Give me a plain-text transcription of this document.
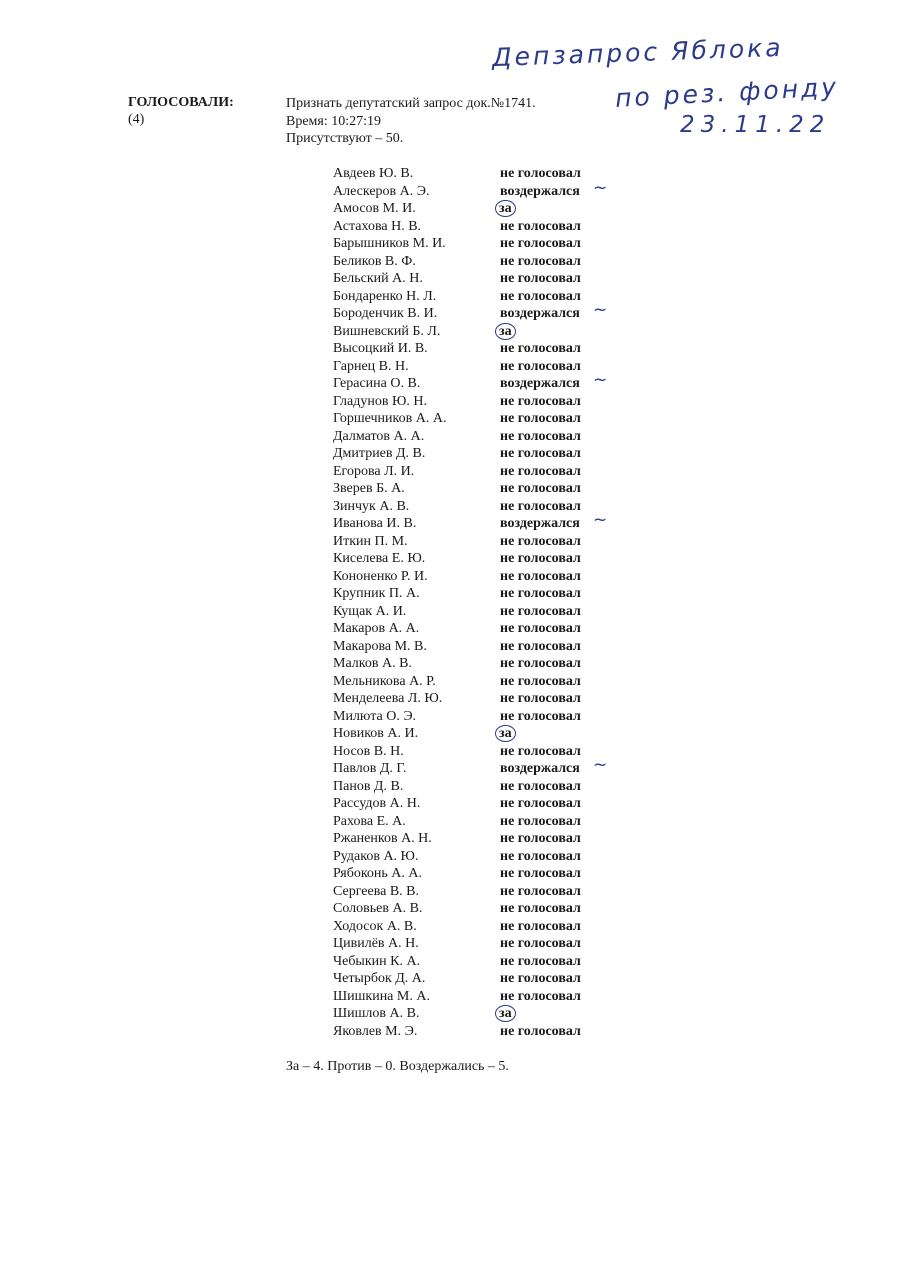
Депзапрос Яблока
по рез. фонду
23.11.22
ГОЛОСОВАЛИ:
(4)
Признать депутатский запрос док.№1741.
Время: 10:27:19
Присутствуют – 50.
Авдеев Ю. В.	не голосовал
Алескеров А. Э.	воздержался ~
Амосов М. И.	за
Астахова Н. В.	не голосовал
Барышников М. И.	не голосовал
Беликов В. Ф.	не голосовал
Бельский А. Н.	не голосовал
Бондаренко Н. Л.	не голосовал
Бороденчик В. И.	воздержался ~
Вишневский Б. Л.	за
Высоцкий И. В.	не голосовал
Гарнец В. Н.	не голосовал
Герасина О. В.	воздержался ~
Гладунов Ю. Н.	не голосовал
Горшечников А. А.	не голосовал
Далматов А. А.	не голосовал
Дмитриев Д. В.	не голосовал
Егорова Л. И.	не голосовал
Зверев Б. А.	не голосовал
Зинчук А. В.	не голосовал
Иванова И. В.	воздержался ~
Иткин П. М.	не голосовал
Киселева Е. Ю.	не голосовал
Кононенко Р. И.	не голосовал
Крупник П. А.	не голосовал
Кущак А. И.	не голосовал
Макаров А. А.	не голосовал
Макарова М. В.	не голосовал
Малков А. В.	не голосовал
Мельникова А. Р.	не голосовал
Менделеева Л. Ю.	не голосовал
Милюта О. Э.	не голосовал
Новиков А. И.	за
Носов В. Н.	не голосовал
Павлов Д. Г.	воздержался ~
Панов Д. В.	не голосовал
Рассудов А. Н.	не голосовал
Рахова Е. А.	не голосовал
Ржаненков А. Н.	не голосовал
Рудаков А. Ю.	не голосовал
Рябоконь А. А.	не голосовал
Сергеева В. В.	не голосовал
Соловьев А. В.	не голосовал
Ходосок А. В.	не голосовал
Цивилёв А. Н.	не голосовал
Чебыкин К. А.	не голосовал
Четырбок Д. А.	не голосовал
Шишкина М. А.	не голосовал
Шишлов А. В.	за
Яковлев М. Э.	не голосовал
За – 4. Против – 0. Воздержались – 5.
